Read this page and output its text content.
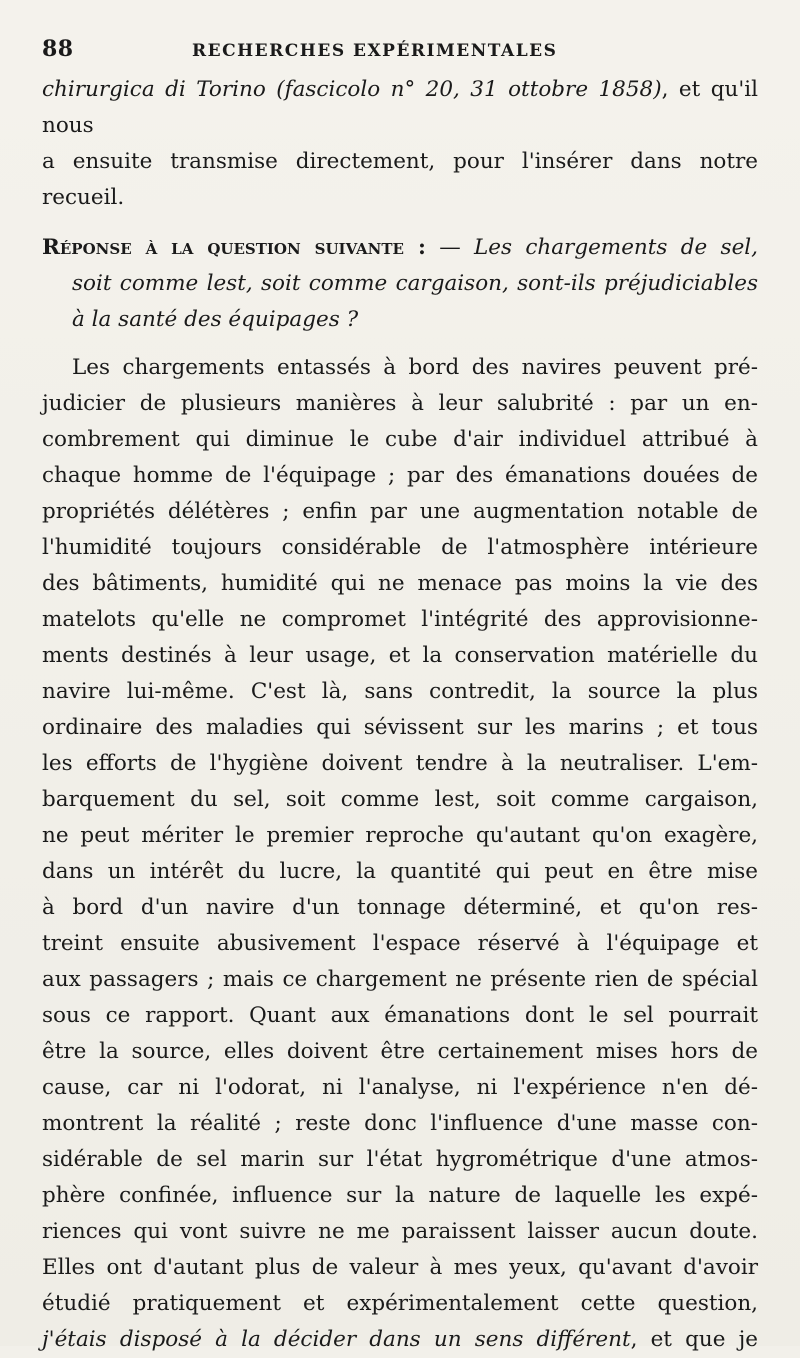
88	RECHERCHES EXPÉRIMENTALES

chirurgica di Torino (fascicolo n° 20, 31 ottobre 1858), et qu'il nous
a ensuite transmise directement, pour l'insérer dans notre recueil.

Réponse à la question suivante : — Les chargements de sel,
soit comme lest, soit comme cargaison, sont-ils préjudiciables
à la santé des équipages ?

Les chargements entassés à bord des navires peuvent pré-
judicier de plusieurs manières à leur salubrité : par un en-
combrement qui diminue le cube d'air individuel attribué à
chaque homme de l'équipage ; par des émanations douées de
propriétés délétères ; enfin par une augmentation notable de
l'humidité toujours considérable de l'atmosphère intérieure
des bâtiments, humidité qui ne menace pas moins la vie des
matelots qu'elle ne compromet l'intégrité des approvisionne-
ments destinés à leur usage, et la conservation matérielle du
navire lui-même. C'est là, sans contredit, la source la plus
ordinaire des maladies qui sévissent sur les marins ; et tous
les efforts de l'hygiène doivent tendre à la neutraliser. L'em-
barquement du sel, soit comme lest, soit comme cargaison,
ne peut mériter le premier reproche qu'autant qu'on exagère,
dans un intérêt du lucre, la quantité qui peut en être mise
à bord d'un navire d'un tonnage déterminé, et qu'on res-
treint ensuite abusivement l'espace réservé à l'équipage et
aux passagers ; mais ce chargement ne présente rien de spécial
sous ce rapport. Quant aux émanations dont le sel pourrait
être la source, elles doivent être certainement mises hors de
cause, car ni l'odorat, ni l'analyse, ni l'expérience n'en dé-
montrent la réalité ; reste donc l'influence d'une masse con-
sidérable de sel marin sur l'état hygrométrique d'une atmos-
phère confinée, influence sur la nature de laquelle les expé-
riences qui vont suivre ne me paraissent laisser aucun doute.
Elles ont d'autant plus de valeur à mes yeux, qu'avant d'avoir
étudié pratiquement et expérimentalement cette question,
j'étais disposé à la décider dans un sens différent, et que je
